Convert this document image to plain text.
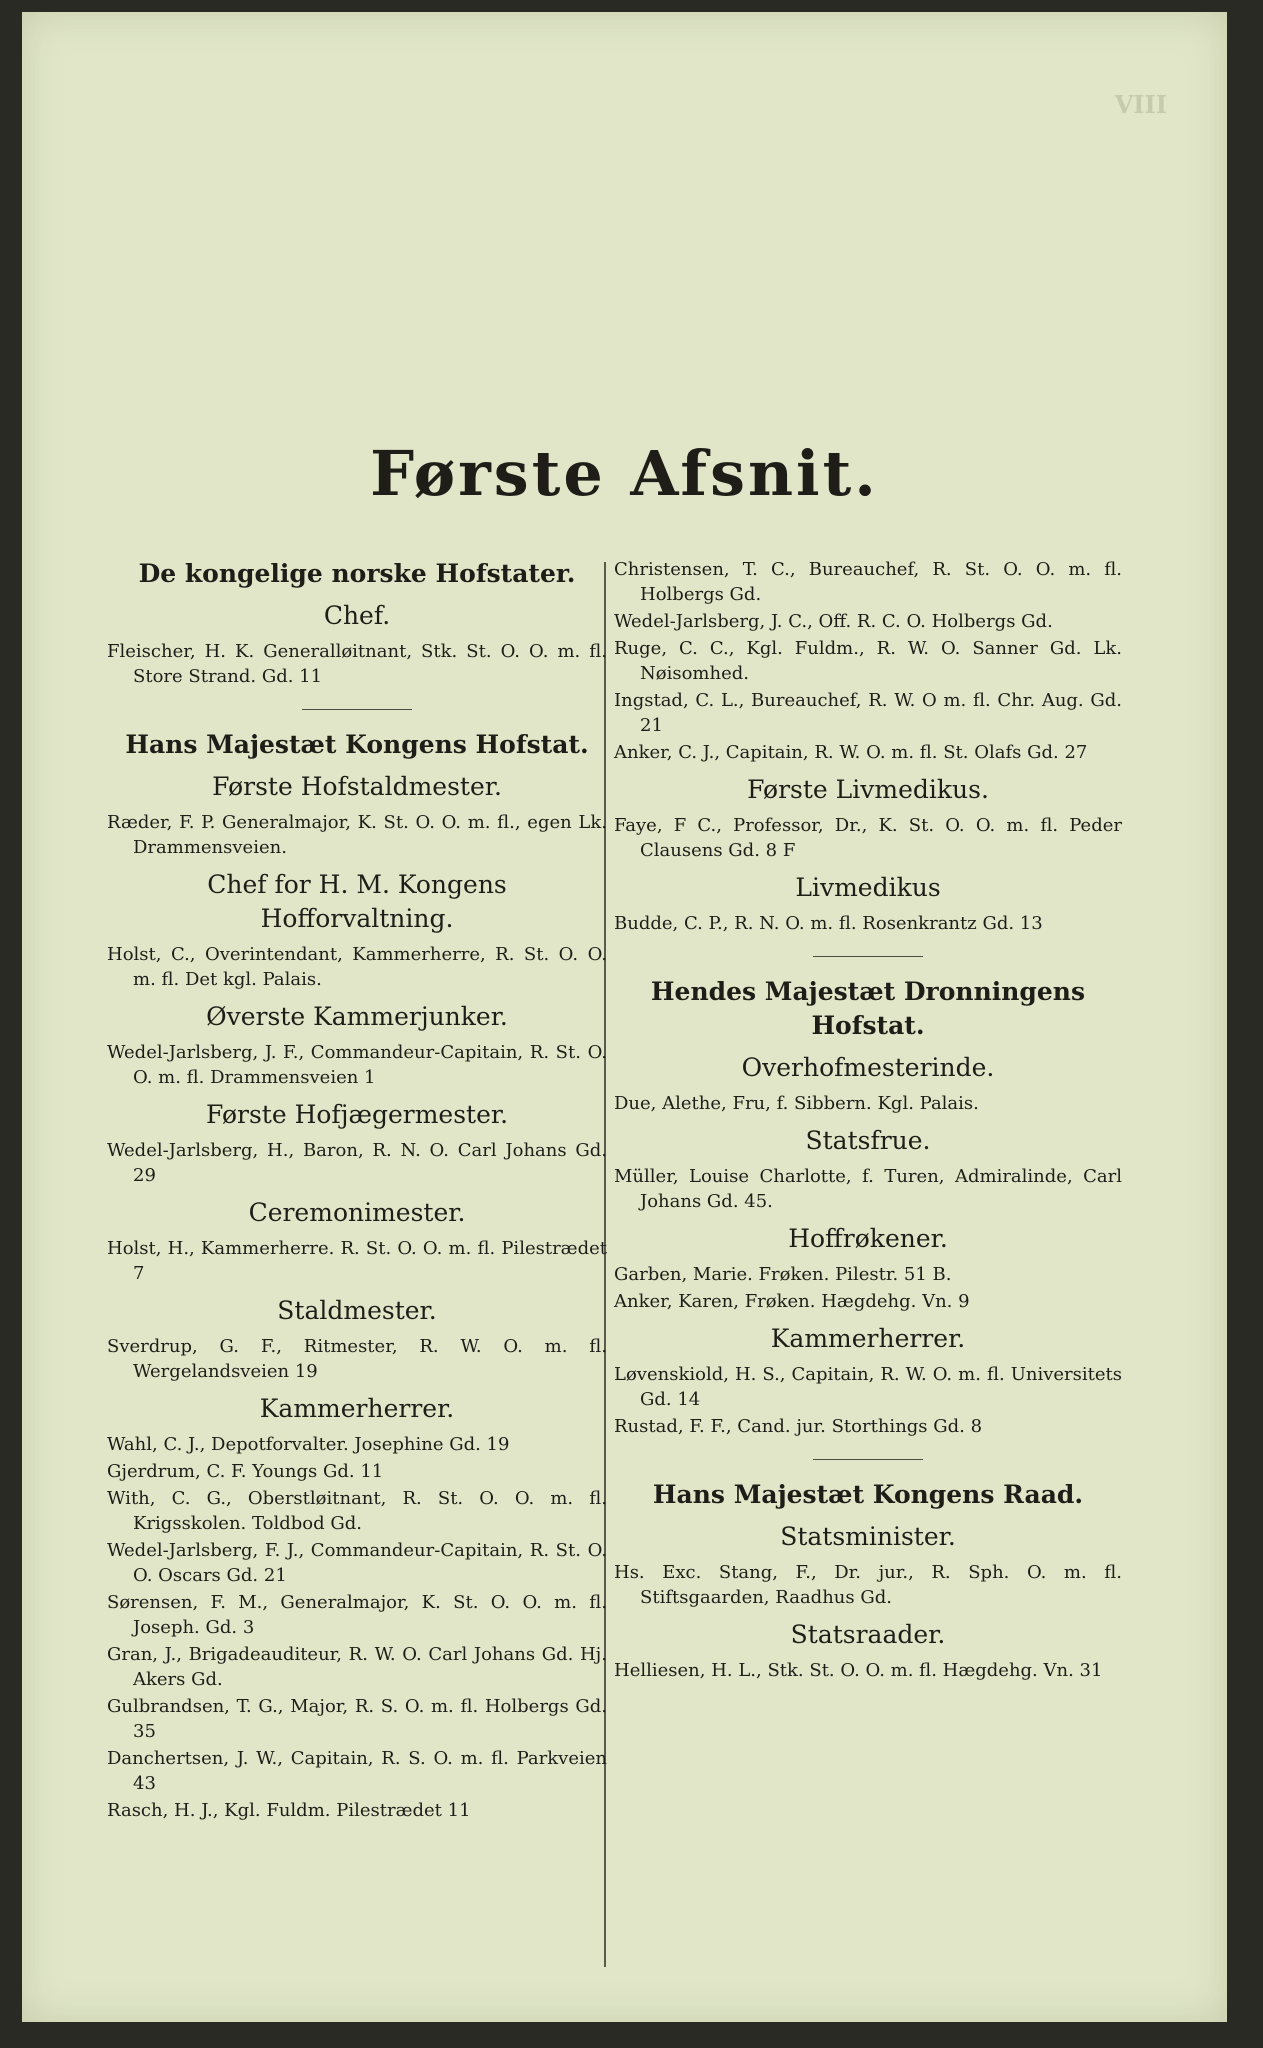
VIII
Første Afsnit.
De kongelige norske Hofstater.
Chef.
Fleischer, H. K. Generalløitnant, Stk. St. O. O. m. fl. Store Strand. Gd. 11
Hans Majestæt Kongens Hofstat.
Første Hofstaldmester.
Ræder, F. P. Generalmajor, K. St. O. O. m. fl., egen Lk. Drammensveien.
Chef for H. M. Kongens Hofforvaltning.
Holst, C., Overintendant, Kammerherre, R. St. O. O. m. fl. Det kgl. Palais.
Øverste Kammerjunker.
Wedel-Jarlsberg, J. F., Commandeur-Capitain, R. St. O. O. m. fl. Drammensveien 1
Første Hofjægermester.
Wedel-Jarlsberg, H., Baron, R. N. O. Carl Johans Gd. 29
Ceremonimester.
Holst, H., Kammerherre. R. St. O. O. m. fl. Pilestrædet 7
Staldmester.
Sverdrup, G. F., Ritmester, R. W. O. m. fl. Wergelandsveien 19
Kammerherrer.
Wahl, C. J., Depotforvalter. Josephine Gd. 19
Gjerdrum, C. F. Youngs Gd. 11
With, C. G., Oberstløitnant, R. St. O. O. m. fl. Krigsskolen. Toldbod Gd.
Wedel-Jarlsberg, F. J., Commandeur-Capitain, R. St. O. O. Oscars Gd. 21
Sørensen, F. M., Generalmajor, K. St. O. O. m. fl. Joseph. Gd. 3
Gran, J., Brigadeauditeur, R. W. O. Carl Johans Gd. Hj. Akers Gd.
Gulbrandsen, T. G., Major, R. S. O. m. fl. Holbergs Gd. 35
Danchertsen, J. W., Capitain, R. S. O. m. fl. Parkveien 43
Rasch, H. J., Kgl. Fuldm. Pilestrædet 11
Christensen, T. C., Bureauchef, R. St. O. O. m. fl. Holbergs Gd.
Wedel-Jarlsberg, J. C., Off. R. C. O. Holbergs Gd.
Ruge, C. C., Kgl. Fuldm., R. W. O. Sanner Gd. Lk. Nøisomhed.
Ingstad, C. L., Bureauchef, R. W. O m. fl. Chr. Aug. Gd. 21
Anker, C. J., Capitain, R. W. O. m. fl. St. Olafs Gd. 27
Første Livmedikus.
Faye, F C., Professor, Dr., K. St. O. O. m. fl. Peder Clausens Gd. 8 F
Livmedikus
Budde, C. P., R. N. O. m. fl. Rosenkrantz Gd. 13
Hendes Majestæt Dronningens Hofstat.
Overhofmesterinde.
Due, Alethe, Fru, f. Sibbern. Kgl. Palais.
Statsfrue.
Müller, Louise Charlotte, f. Turen, Admiralinde, Carl Johans Gd. 45.
Hoffrøkener.
Garben, Marie. Frøken. Pilestr. 51 B.
Anker, Karen, Frøken. Hægdehg. Vn. 9
Kammerherrer.
Løvenskiold, H. S., Capitain, R. W. O. m. fl. Universitets Gd. 14
Rustad, F. F., Cand. jur. Storthings Gd. 8
Hans Majestæt Kongens Raad.
Statsminister.
Hs. Exc. Stang, F., Dr. jur., R. Sph. O. m. fl. Stiftsgaarden, Raadhus Gd.
Statsraader.
Helliesen, H. L., Stk. St. O. O. m. fl. Hægdehg. Vn. 31
